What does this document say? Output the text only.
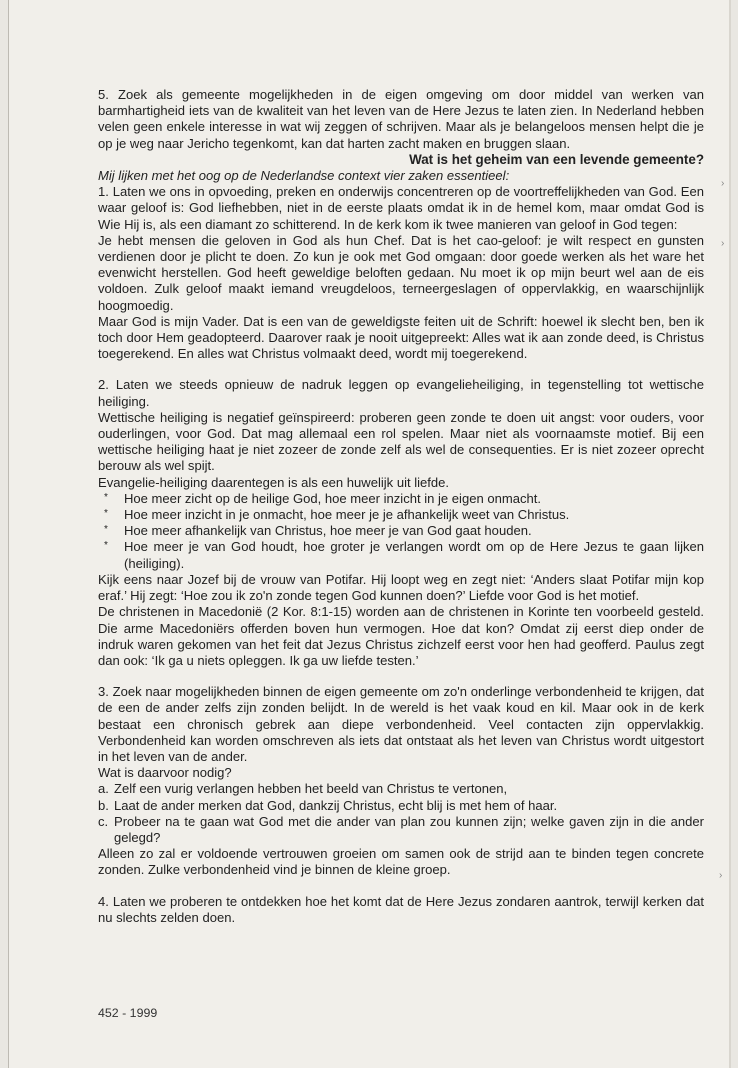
5. Zoek als gemeente mogelijkheden in de eigen omgeving om door middel van werken van barmhartigheid iets van de kwaliteit van het leven van de Here Jezus te laten zien. In Nederland hebben velen geen enkele interesse in wat wij zeggen of schrijven. Maar als je belangeloos mensen helpt die je op je weg naar Jericho tegenkomt, kan dat harten zacht maken en bruggen slaan.

Wat is het geheim van een levende gemeente?

Mij lijken met het oog op de Nederlandse context vier zaken essentieel:

1. Laten we ons in opvoeding, preken en onderwijs concentreren op de voortreffelijkheden van God. Een waar geloof is: God liefhebben, niet in de eerste plaats omdat ik in de hemel kom, maar omdat God is Wie Hij is, als een diamant zo schitterend. In de kerk kom ik twee manieren van geloof in God tegen:

Je hebt mensen die geloven in God als hun Chef. Dat is het cao-geloof: je wilt respect en gunsten verdienen door je plicht te doen. Zo kun je ook met God omgaan: door goede werken als het ware het evenwicht herstellen. God heeft geweldige beloften gedaan. Nu moet ik op mijn beurt wel aan de eis voldoen. Zulk geloof maakt iemand vreugdeloos, terneergeslagen of oppervlakkig, en waarschijnlijk hoogmoedig.

Maar God is mijn Vader. Dat is een van de geweldigste feiten uit de Schrift: hoewel ik slecht ben, ben ik toch door Hem geadopteerd. Daarover raak je nooit uitgepreekt: Alles wat ik aan zonde deed, is Christus toegerekend. En alles wat Christus volmaakt deed, wordt mij toegerekend.

2. Laten we steeds opnieuw de nadruk leggen op evangelieheiliging, in tegenstelling tot wettische heiliging.

Wettische heiliging is negatief geïnspireerd: proberen geen zonde te doen uit angst: voor ouders, voor ouderlingen, voor God. Dat mag allemaal een rol spelen. Maar niet als voornaamste motief. Bij een wettische heiliging haat je niet zozeer de zonde zelf als wel de consequenties. Er is niet zozeer oprecht berouw als wel spijt.

Evangelie-heiliging daarentegen is als een huwelijk uit liefde.

* Hoe meer zicht op de heilige God, hoe meer inzicht in je eigen onmacht.
* Hoe meer inzicht in je onmacht, hoe meer je je afhankelijk weet van Christus.
* Hoe meer afhankelijk van Christus, hoe meer je van God gaat houden.
* Hoe meer je van God houdt, hoe groter je verlangen wordt om op de Here Jezus te gaan lijken (heiliging).

Kijk eens naar Jozef bij de vrouw van Potifar. Hij loopt weg en zegt niet: ‘Anders slaat Potifar mijn kop eraf.’ Hij zegt: ‘Hoe zou ik zo'n zonde tegen God kunnen doen?’ Liefde voor God is het motief.

De christenen in Macedonië (2 Kor. 8:1-15) worden aan de christenen in Korinte ten voorbeeld gesteld. Die arme Macedoniërs offerden boven hun vermogen. Hoe dat kon? Omdat zij eerst diep onder de indruk waren gekomen van het feit dat Jezus Christus zichzelf eerst voor hen had geofferd. Paulus zegt dan ook: ‘Ik ga u niets opleggen. Ik ga uw liefde testen.’

3. Zoek naar mogelijkheden binnen de eigen gemeente om zo'n onderlinge verbondenheid te krijgen, dat de een de ander zelfs zijn zonden belijdt. In de wereld is het vaak koud en kil. Maar ook in de kerk bestaat een chronisch gebrek aan diepe verbondenheid. Veel contacten zijn oppervlakkig. Verbondenheid kan worden omschreven als iets dat ontstaat als het leven van Christus wordt uitgestort in het leven van de ander.

Wat is daarvoor nodig?

a. Zelf een vurig verlangen hebben het beeld van Christus te vertonen,
b. Laat de ander merken dat God, dankzij Christus, echt blij is met hem of haar.
c. Probeer na te gaan wat God met die ander van plan zou kunnen zijn; welke gaven zijn in die ander gelegd?

Alleen zo zal er voldoende vertrouwen groeien om samen ook de strijd aan te binden tegen concrete zonden. Zulke verbondenheid vind je binnen de kleine groep.

4. Laten we proberen te ontdekken hoe het komt dat de Here Jezus zondaren aantrok, terwijl kerken dat nu slechts zelden doen.

452 - 1999
›
›
›
